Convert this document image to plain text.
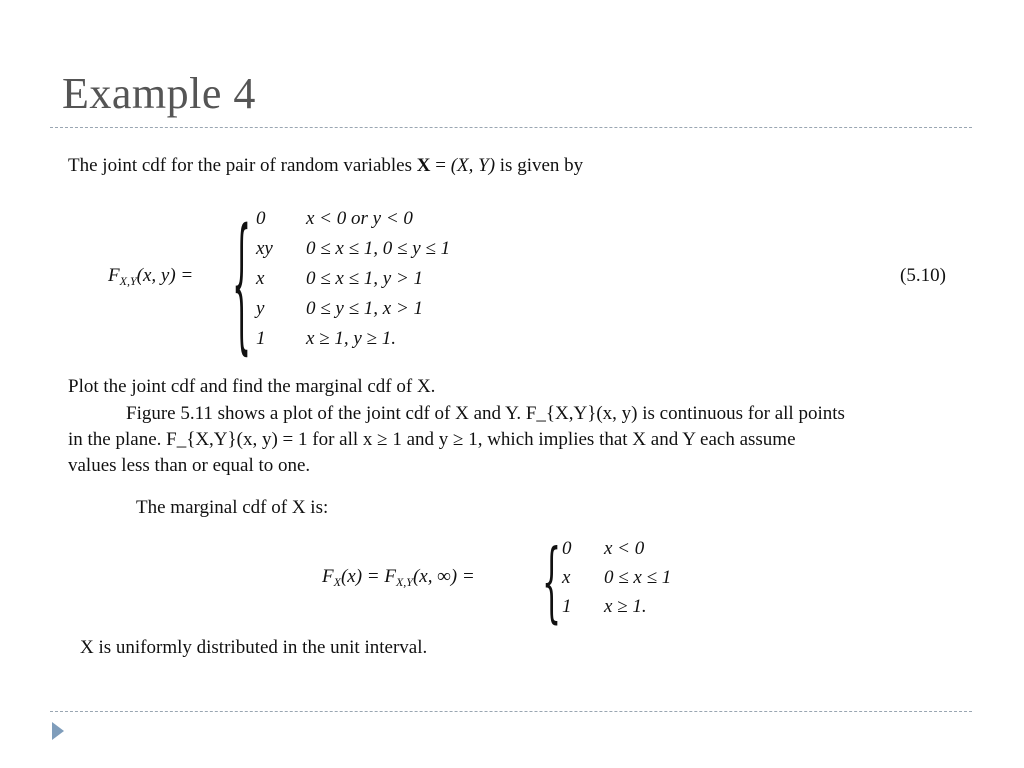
Example 4
The joint cdf for the pair of random variables X = (X, Y) is given by
$F_{X,Y}(x$, y) = { 0 x < 0 or y < 0
xy 0 ≤ x ≤ 1, 0 ≤ y ≤ 1
x 0 ≤ x ≤ 1, y > 1
y 0 ≤ y ≤ 1, x > 1
1 x ≥ 1, y ≥ 1.
(5.10)
Plot the joint cdf and find the marginal cdf of X.
Figure 5.11 shows a plot of the joint cdf of X and Y. F_{X,Y}(x, y) is continuous for all points
in the plane. F_{X,Y}(x, y) = 1 for all x ≥ 1 and y ≥ 1, which implies that X and Y each assume
values less than or equal to one.
The marginal cdf of X is:
$F_X(x) = F_{X,Y}(x$, ∞) = { 0 x < 0
x 0 ≤ x ≤ 1
1 x ≥ 1.
X is uniformly distributed in the unit interval.
